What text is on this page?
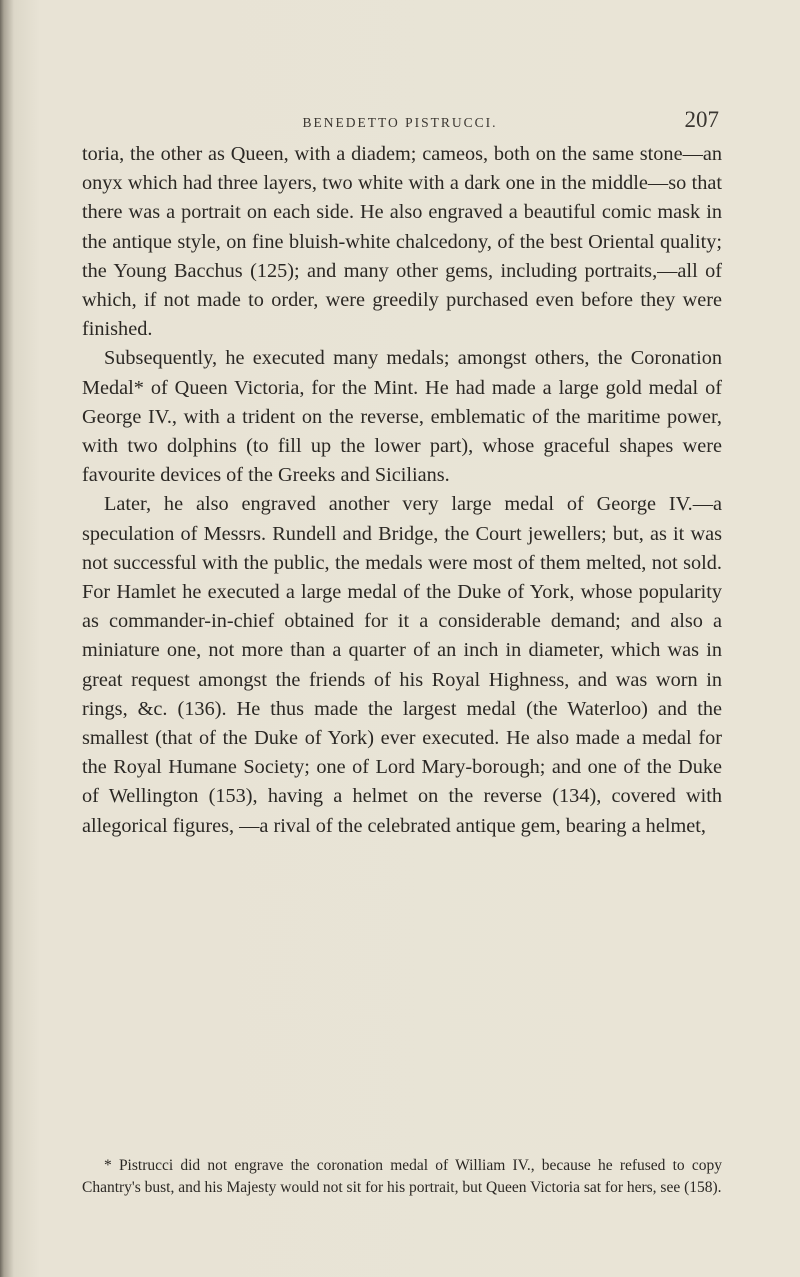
BENEDETTO PISTRUCCI.	207

toria, the other as Queen, with a diadem; cameos, both on the same stone—an onyx which had three layers, two white with a dark one in the middle—so that there was a portrait on each side. He also engraved a beautiful comic mask in the antique style, on fine bluish-white chalcedony, of the best Oriental quality; the Young Bacchus (125); and many other gems, including portraits,—all of which, if not made to order, were greedily purchased even before they were finished.

Subsequently, he executed many medals; amongst others, the Coronation Medal* of Queen Victoria, for the Mint. He had made a large gold medal of George IV., with a trident on the reverse, emblematic of the maritime power, with two dolphins (to fill up the lower part), whose graceful shapes were favourite devices of the Greeks and Sicilians.

Later, he also engraved another very large medal of George IV.—a speculation of Messrs. Rundell and Bridge, the Court jewellers; but, as it was not successful with the public, the medals were most of them melted, not sold. For Hamlet he executed a large medal of the Duke of York, whose popularity as commander-in-chief obtained for it a considerable demand; and also a miniature one, not more than a quarter of an inch in diameter, which was in great request amongst the friends of his Royal Highness, and was worn in rings, &c. (136). He thus made the largest medal (the Waterloo) and the smallest (that of the Duke of York) ever executed. He also made a medal for the Royal Humane Society; one of Lord Mary-borough; and one of the Duke of Wellington (153), having a helmet on the reverse (134), covered with allegorical figures, —a rival of the celebrated antique gem, bearing a helmet,

* Pistrucci did not engrave the coronation medal of William IV., because he refused to copy Chantry's bust, and his Majesty would not sit for his portrait, but Queen Victoria sat for hers, see (158).
